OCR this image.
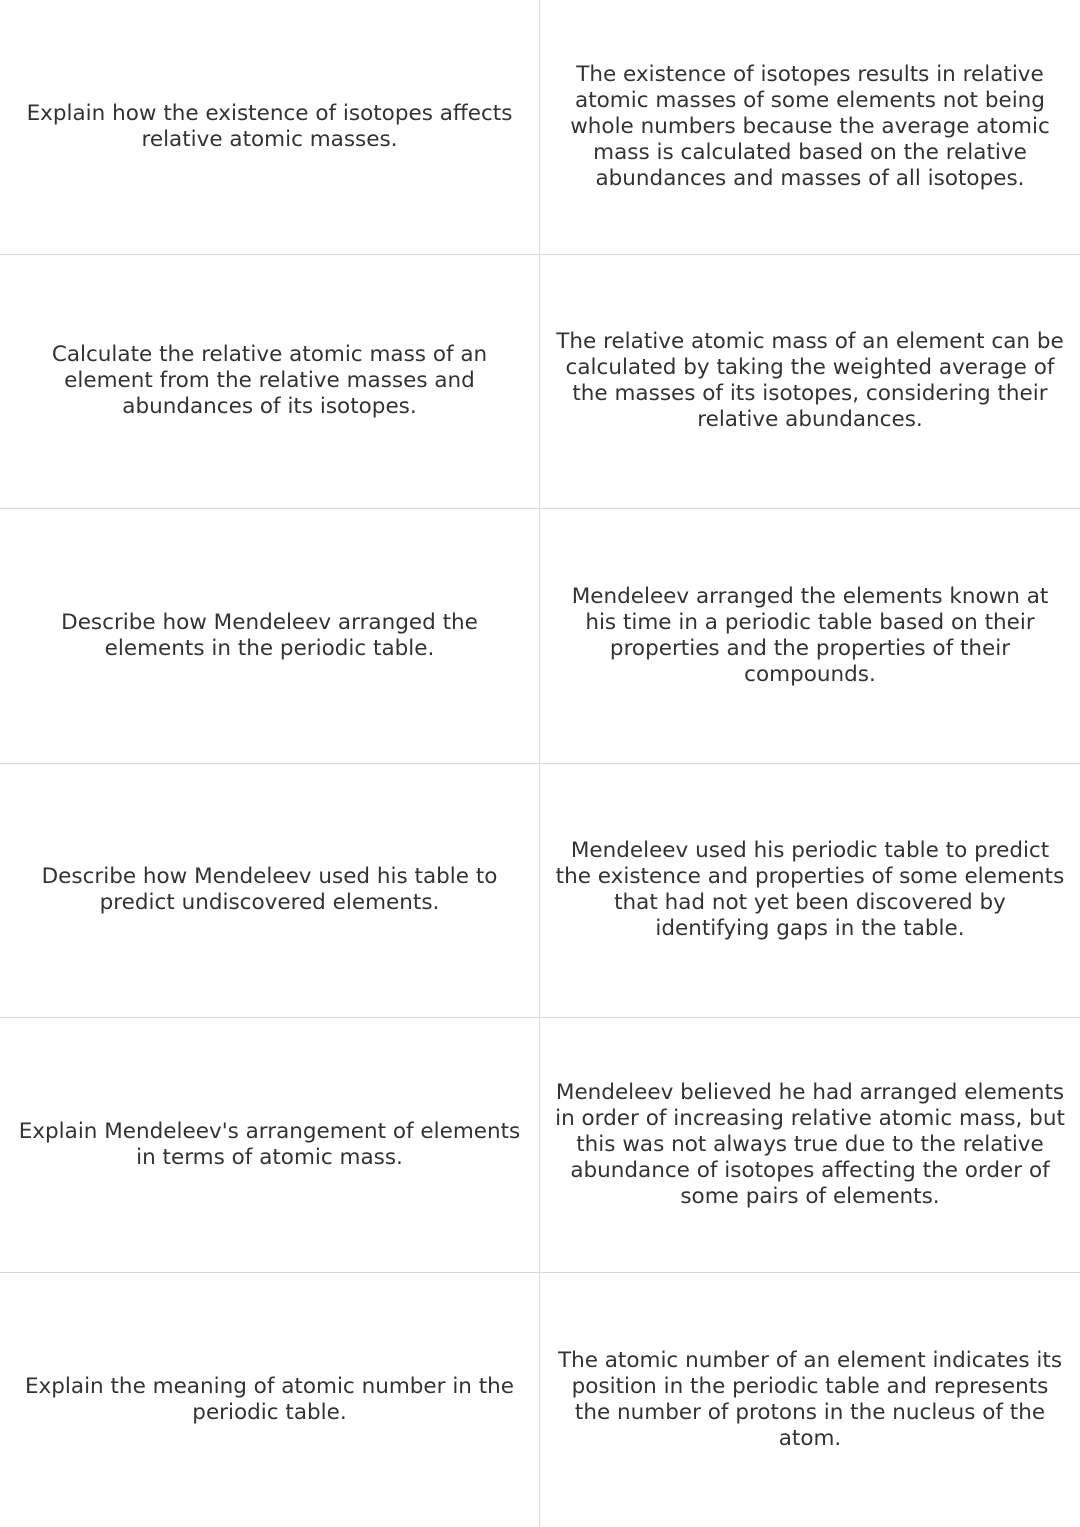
Explain how the existence of isotopes affects relative atomic masses.
The existence of isotopes results in relative atomic masses of some elements not being whole numbers because the average atomic mass is calculated based on the relative abundances and masses of all isotopes.
Calculate the relative atomic mass of an element from the relative masses and abundances of its isotopes.
The relative atomic mass of an element can be calculated by taking the weighted average of the masses of its isotopes, considering their relative abundances.
Describe how Mendeleev arranged the elements in the periodic table.
Mendeleev arranged the elements known at his time in a periodic table based on their properties and the properties of their compounds.
Describe how Mendeleev used his table to predict undiscovered elements.
Mendeleev used his periodic table to predict the existence and properties of some elements that had not yet been discovered by identifying gaps in the table.
Explain Mendeleev's arrangement of elements in terms of atomic mass.
Mendeleev believed he had arranged elements in order of increasing relative atomic mass, but this was not always true due to the relative abundance of isotopes affecting the order of some pairs of elements.
Explain the meaning of atomic number in the periodic table.
The atomic number of an element indicates its position in the periodic table and represents the number of protons in the nucleus of the atom.
